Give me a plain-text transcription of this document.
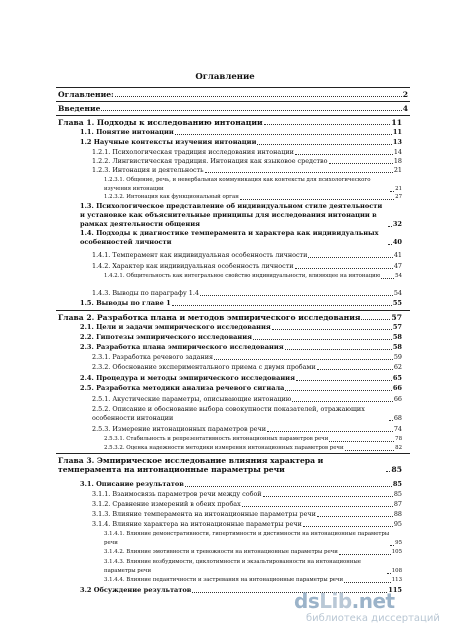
Оглавление
Оглавление:	2
Введение	4
Глава 1. Подходы к исследованию интонации	11
1.1. Понятие интонации	11
1.2 Научные контексты изучения интонации	13
1.2.1. Психологическая традиция исследования интонации	14
1.2.2. Лингвистическая традиция. Интонация как языковое средство	18
1.2.3. Интонация и деятельность	21
1.2.3.1. Общение, речь, и невербальная коммуникация как контексты для психологического изучения интонации	21
1.2.3.2. Интонация как функциональный орган	27
1.3. Психологическое представление об индивидуальном стиле деятельности и установке как объяснительные принципы для исследования интонации в рамках деятельности общения	32
1.4. Подходы к диагностике темперамента и характера как индивидуальных особенностей личности	40
1.4.1. Темперамент как индивидуальная особенность личности	41
1.4.2. Характер как индивидуальная особенность личности	47
1.4.2.1. Общительность как интегральное свойство индивидуальности, влияющее на интонацию	54
1.4.3. Выводы по параграфу 1.4	54
1.5. Выводы по главе 1	55
Глава 2. Разработка плана и методов эмпирического исследования	57
2.1. Цели и задачи эмпирического исследования	57
2.2. Гипотезы эмпирического исследования	58
2.3. Разработка плана эмпирического исследования	58
2.3.1. Разработка речевого задания	59
2.3.2. Обоснование экспериментального приема с двумя пробами	62
2.4. Процедура и методы эмпирического исследования	65
2.5. Разработка методики анализа речевого сигнала	66
2.5.1. Акустические параметры, описывающие интонацию	66
2.5.2. Описание и обоснование выбора совокупности показателей, отражающих особенности интонации	68
2.5.3. Измерение интонационных параметров речи	74
2.5.3.1. Стабильность и репрезентативность интонационных параметров речи	78
2.5.3.2. Оценка надежности методики измерения интонационных параметров речи	82
Глава 3. Эмпирическое исследование влияния характера и темперамента на интонационные параметры речи	85
3.1. Описание результатов	85
3.1.1. Взаимосвязь параметров речи между собой	85
3.1.2. Сравнение измерений в обеих пробах	87
3.1.3. Влияние темперамента на интонационные параметры речи	88
3.1.4. Влияние характера на интонационные параметры речи	95
3.1.4.1. Влияние демонстративности, гипертимности и дистимности на интонационные параметры речи	95
3.1.4.2. Влияние эмотивности и тревожности на интонационные параметры речи	105
3.1.4.3. Влияние возбудимости, циклотимности и экзальтированности на интонационные параметры речи	108
3.1.4.4. Влияние педантичности и застревания на интонационные параметры речи	113
3.2 Обсуждение результатов	115
dsLib.net
библиотека диссертаций
